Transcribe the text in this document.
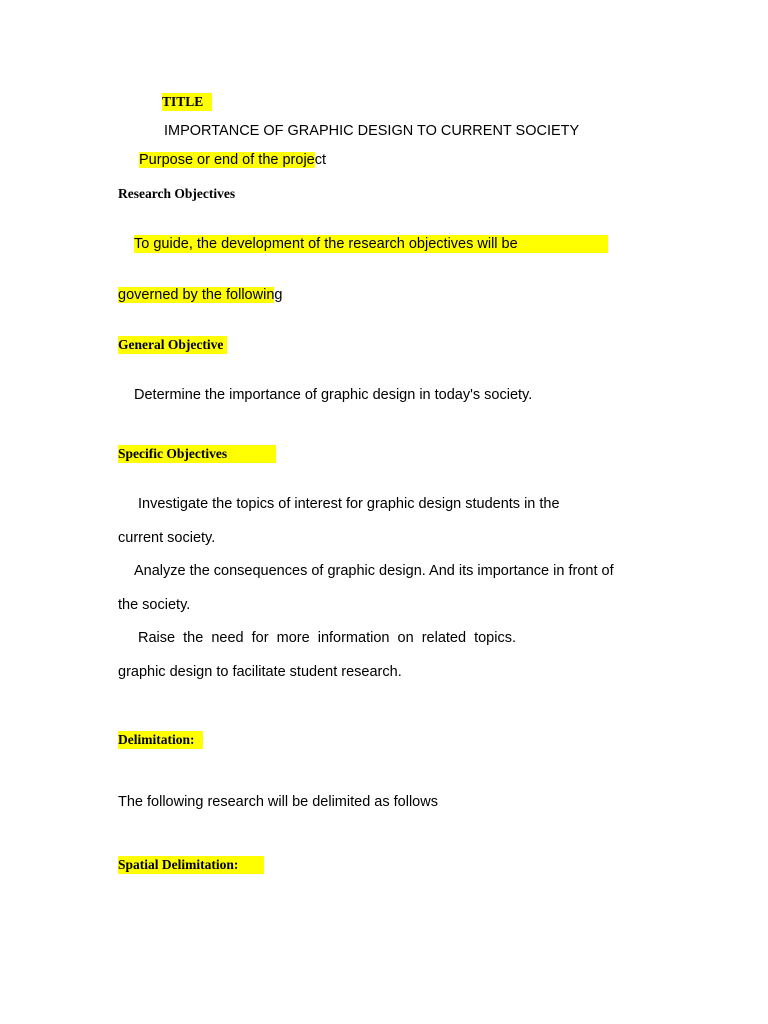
TITLE
IMPORTANCE OF GRAPHIC DESIGN TO CURRENT SOCIETY
Purpose or end of the project
Research Objectives
To guide, the development of the research objectives will be
governed by the following
General Objective
Determine the importance of graphic design in today's society.
Specific Objectives
Investigate the topics of interest for graphic design students in the
current society.
Analyze the consequences of graphic design. And its importance in front of
the society.
Raise  the  need  for  more  information  on  related  topics.
graphic design to facilitate student research.
Delimitation:
The following research will be delimited as follows
Spatial Delimitation:
